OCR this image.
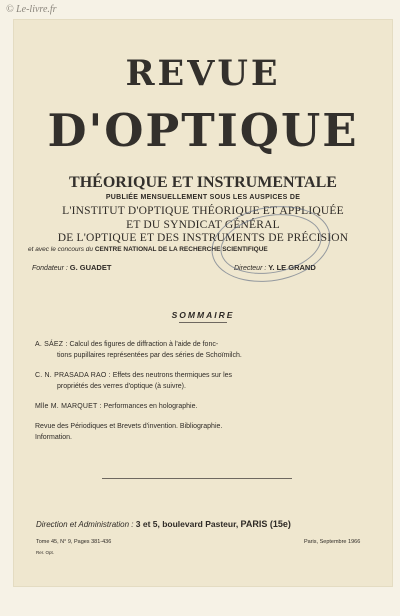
© Le-livre.fr
REVUE
D'OPTIQUE
THÉORIQUE ET INSTRUMENTALE
PUBLIÉE MENSUELLEMENT SOUS LES AUSPICES DE
L'INSTITUT D'OPTIQUE THÉORIQUE ET APPLIQUÉE
ET DU SYNDICAT GÉNÉRAL
DE L'OPTIQUE ET DES INSTRUMENTS DE PRÉCISION
et avec le concours du CENTRE NATIONAL DE LA RECHERCHE SCIENTIFIQUE
Fondateur : G. GUADET	Directeur : Y. LE GRAND
SOMMAIRE
A. SÁEZ : Calcul des figures de diffraction à l'aide de fonc-
tions pupillaires représentées par des séries de Schoïmilch.
C. N. PRASADA RAO : Effets des neutrons thermiques sur les
propriétés des verres d'optique (à suivre).
Mlle M. MARQUET : Performances en holographie.
Revue des Périodiques et Brevets d'invention. Bibliographie.
Information.
Direction et Administration : 3 et 5, boulevard Pasteur, PARIS (15e)
Tome 45, N° 9, Pages 381-436	Paris, Septembre 1966
Rer. Opt.
